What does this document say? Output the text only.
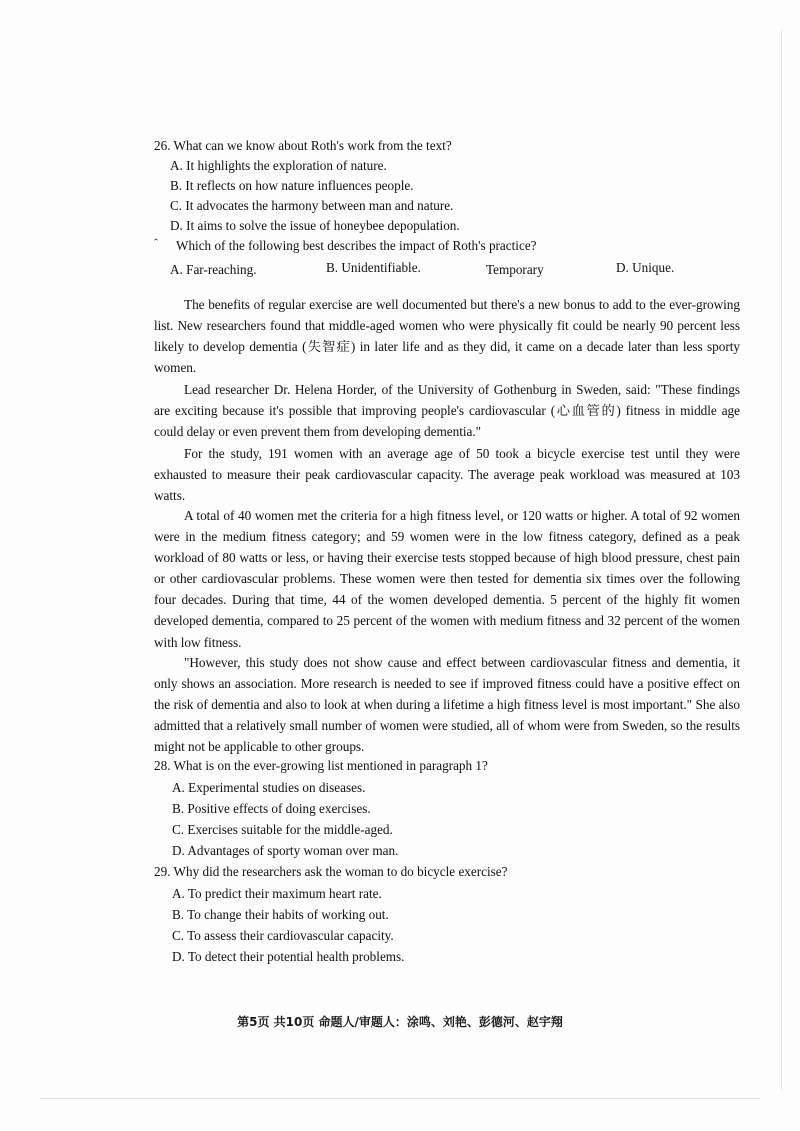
26. What can we know about Roth's work from the text?
A. It highlights the exploration of nature.
B. It reflects on how nature influences people.
C. It advocates the harmony between man and nature.
D. It aims to solve the issue of honeybee depopulation.
ˆ Which of the following best describes the impact of Roth's practice?
A. Far-reaching.	B. Unidentifiable.	Temporary	D. Unique.

The benefits of regular exercise are well documented but there's a new bonus to add to the ever-growing list. New researchers found that middle-aged women who were physically fit could be nearly 90 percent less likely to develop dementia (失智症) in later life and as they did, it came on a decade later than less sporty women.

Lead researcher Dr. Helena Horder, of the University of Gothenburg in Sweden, said: "These findings are exciting because it's possible that improving people's cardiovascular (心血管的) fitness in middle age could delay or even prevent them from developing dementia."

For the study, 191 women with an average age of 50 took a bicycle exercise test until they were exhausted to measure their peak cardiovascular capacity. The average peak workload was measured at 103 watts.

A total of 40 women met the criteria for a high fitness level, or 120 watts or higher. A total of 92 women were in the medium fitness category; and 59 women were in the low fitness category, defined as a peak workload of 80 watts or less, or having their exercise tests stopped because of high blood pressure, chest pain or other cardiovascular problems. These women were then tested for dementia six times over the following four decades. During that time, 44 of the women developed dementia. 5 percent of the highly fit women developed dementia, compared to 25 percent of the women with medium fitness and 32 percent of the women with low fitness.

"However, this study does not show cause and effect between cardiovascular fitness and dementia, it only shows an association. More research is needed to see if improved fitness could have a positive effect on the risk of dementia and also to look at when during a lifetime a high fitness level is most important." She also admitted that a relatively small number of women were studied, all of whom were from Sweden, so the results might not be applicable to other groups.

28. What is on the ever-growing list mentioned in paragraph 1?
A. Experimental studies on diseases.
B. Positive effects of doing exercises.
C. Exercises suitable for the middle-aged.
D. Advantages of sporty woman over man.
29. Why did the researchers ask the woman to do bicycle exercise?
A. To predict their maximum heart rate.
B. To change their habits of working out.
C. To assess their cardiovascular capacity.
D. To detect their potential health problems.
第5页 共10页 命题人/审题人：涂鸣、刘艳、彭德河、赵宇翔
